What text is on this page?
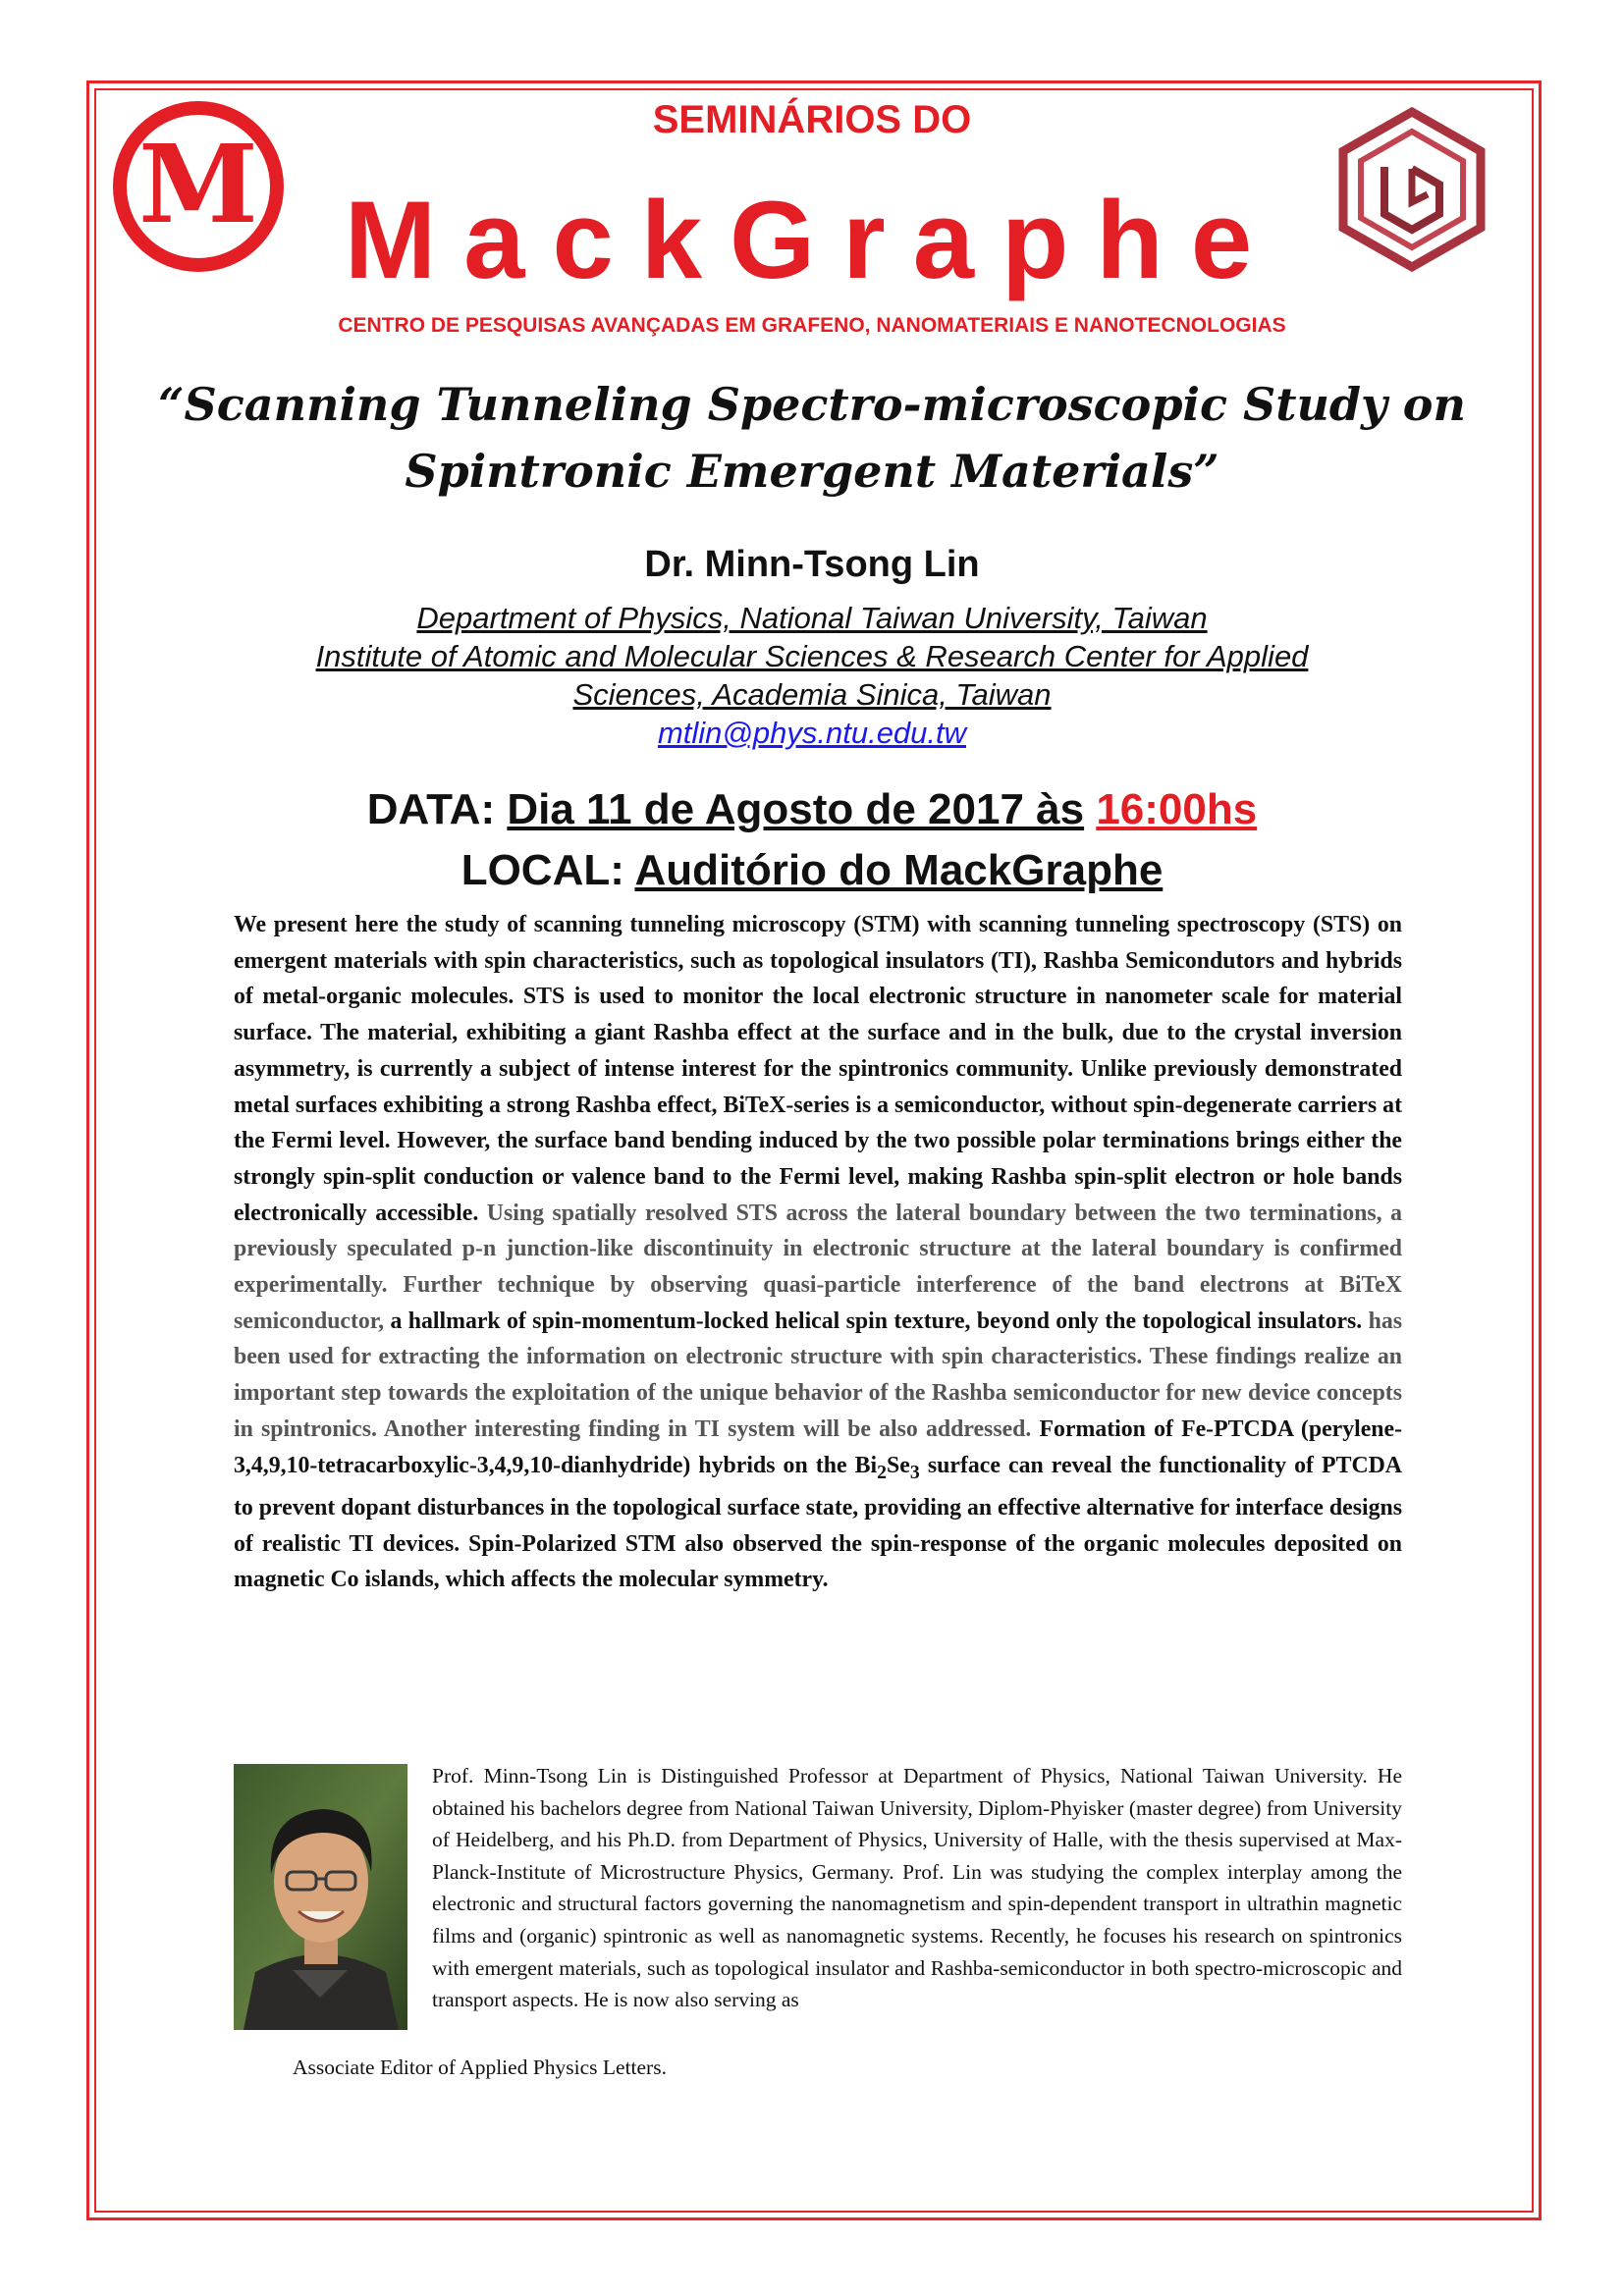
M
SEMINÁRIOS DO
MackGraphe
CENTRO DE PESQUISAS AVANÇADAS EM GRAFENO, NANOMATERIAIS E NANOTECNOLOGIAS
“Scanning Tunneling Spectro-microscopic Study on
Spintronic Emergent Materials”
Dr. Minn-Tsong Lin
Department of Physics, National Taiwan University, Taiwan
Institute of Atomic and Molecular Sciences & Research Center for Applied
Sciences, Academia Sinica, Taiwan
mtlin@phys.ntu.edu.tw
DATA: Dia 11 de Agosto de 2017 às 16:00hs
LOCAL: Auditório do MackGraphe
We present here the study of scanning tunneling microscopy (STM) with scanning tunneling spectroscopy (STS) on emergent materials with spin characteristics, such as topological insulators (TI), Rashba Semicondutors and hybrids of metal-organic molecules. STS is used to monitor the local electronic structure in nanometer scale for material surface. The material, exhibiting a giant Rashba effect at the surface and in the bulk, due to the crystal inversion asymmetry, is currently a subject of intense interest for the spintronics community. Unlike previously demonstrated metal surfaces exhibiting a strong Rashba effect, BiTeX-series is a semiconductor, without spin-degenerate carriers at the Fermi level. However, the surface band bending induced by the two possible polar terminations brings either the strongly spin-split conduction or valence band to the Fermi level, making Rashba spin-split electron or hole bands electronically accessible. Using spatially resolved STS across the lateral boundary between the two terminations, a previously speculated p-n junction-like discontinuity in electronic structure at the lateral boundary is confirmed experimentally. Further technique by observing quasi-particle interference of the band electrons at BiTeX semiconductor, a hallmark of spin-momentum-locked helical spin texture, beyond only the topological insulators. has been used for extracting the information on electronic structure with spin characteristics. These findings realize an important step towards the exploitation of the unique behavior of the Rashba semiconductor for new device concepts in spintronics. Another interesting finding in TI system will be also addressed. Formation of Fe-PTCDA (perylene-3,4,9,10-tetracarboxylic-3,4,9,10-dianhydride) hybrids on the $Bi_2Se_3$ surface can reveal the functionality of PTCDA to prevent dopant disturbances in the topological surface state, providing an effective alternative for interface designs of realistic TI devices. Spin-Polarized STM also observed the spin-response of the organic molecules deposited on magnetic Co islands, which affects the molecular symmetry.
Prof. Minn-Tsong Lin is Distinguished Professor at Department of Physics, National Taiwan University. He obtained his bachelors degree from National Taiwan University, Diplom-Phyisker (master degree) from University of Heidelberg, and his Ph.D. from Department of Physics, University of Halle, with the thesis supervised at Max-Planck-Institute of Microstructure Physics, Germany. Prof. Lin was studying the complex interplay among the electronic and structural factors governing the nanomagnetism and spin-dependent transport in ultrathin magnetic films and (organic) spintronic as well as nanomagnetic systems. Recently, he focuses his research on spintronics with emergent materials, such as topological insulator and Rashba-semiconductor in both spectro-microscopic and transport aspects. He is now also serving as
Associate Editor of Applied Physics Letters.
